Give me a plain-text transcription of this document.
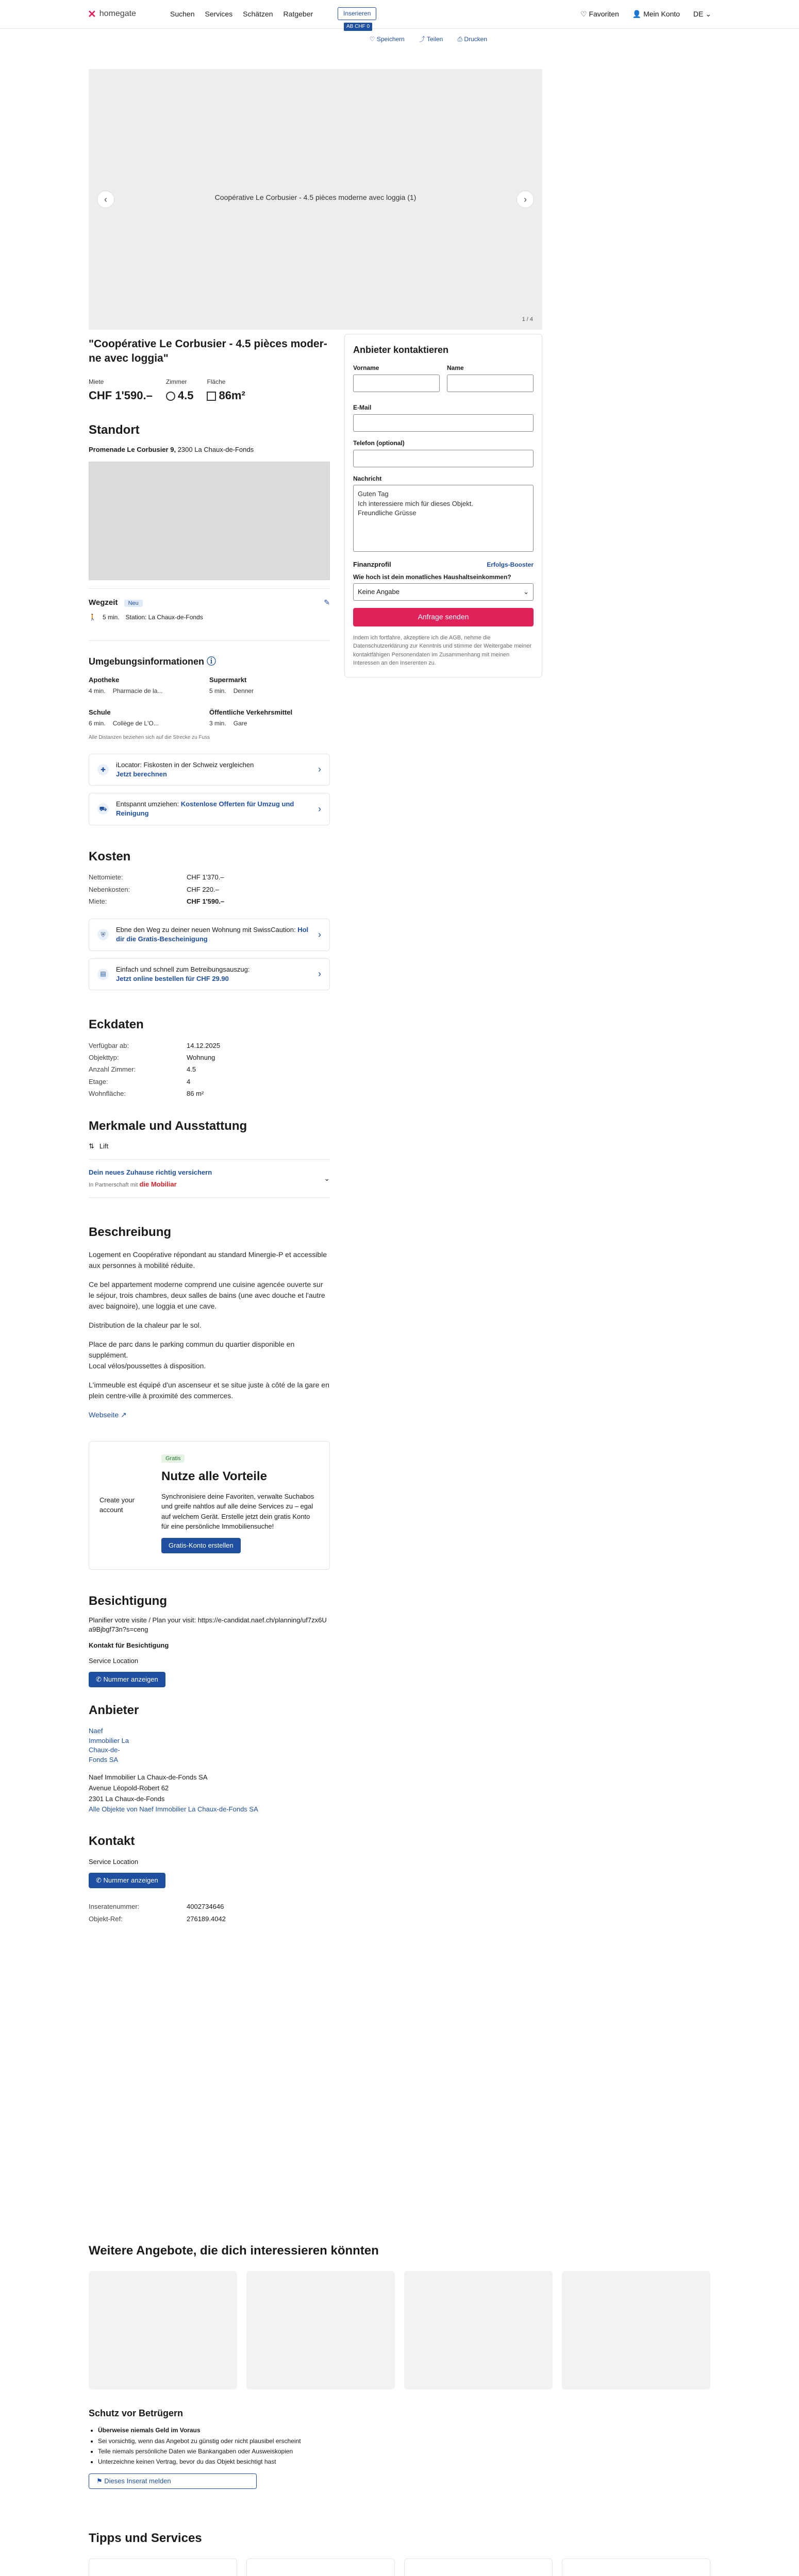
✕ homegate	Suchen Services Schätzen Ratgeber	Inserieren
AB CHF 0
♡ Favoriten 👤 Mein Konto DE ⌄
♡ Speichern ⤴ Teilen ⎙ Drucken
Coopérative Le Corbusier - 4.5 pièces moderne avec loggia (1)
‹	›
1 / 4
Anbieter kontaktieren
Vorname	Name
E-Mail
Telefon (optional)
Nachricht
Guten Tag
Ich interessiere mich für dieses Objekt.
Freundliche Grüsse
Finanzprofil	Erfolgs-Booster
Wie hoch ist dein monatliches Haushaltseinkommen?
Keine Angabe	⌄
Anfrage senden
Indem ich fortfahre, akzeptiere ich die AGB, nehme die Datenschutzerklärung zur Kenntnis und stimme der Weitergabe meiner kontaktfähigen Personendaten im Zusammenhang mit meinen Interessen an den Inserenten zu.
"Coopérative Le Corbusier - 4.5 pièces moder-ne avec loggia"
Miete
CHF 1'590.–
Zimmer
4.5
Fläche
86m²
Standort
Promenade Le Corbusier 9, 2300 La Chaux-de-Fonds
Wegzeit Neu	✎
🚶 5 min. Station: La Chaux-de-Fonds
Umgebungsinformationen ⓘ
Apotheke
4 min. Pharmacie de la...
Supermarkt
5 min. Denner
Schule
6 min. Collège de L'O...
Öffentliche Verkehrsmittel
3 min. Gare
Alle Distanzen beziehen sich auf die Strecke zu Fuss
✚
iLocator: Fiskosten in der Schweiz vergleichen
Jetzt berechnen	›
⛟
Entspannt umziehen: Kostenlose Offerten für Umzug und Reinigung	›
Kosten
Nettomiete:	CHF 1'370.–
Nebenkosten:	CHF 220.–
Miete:	CHF 1'590.–
⛨
Ebne den Weg zu deiner neuen Wohnung mit SwissCaution: Hol dir die Gratis-Bescheinigung	›
▤
Einfach und schnell zum Betreibungsauszug:
Jetzt online bestellen für CHF 29.90	›
Eckdaten
Verfügbar ab:	14.12.2025
Objekttyp:	Wohnung
Anzahl Zimmer:	4.5
Etage:	4
Wohnfläche:	86 m²
Merkmale und Ausstattung
⇅ Lift
Dein neues Zuhause richtig versichern
In Partnerschaft mit die Mobiliar
⌄
Beschreibung

Logement en Coopérative répondant au standard Minergie-P et accessible aux personnes à mobilité réduite.

Ce bel appartement moderne comprend une cuisine agencée ouverte sur le séjour, trois chambres, deux salles de bains (une avec douche et l'autre avec baignoire), une loggia et une cave.

Distribution de la chaleur par le sol.

Place de parc dans le parking commun du quartier disponible en supplément.
Local vélos/poussettes à disposition.

L'immeuble est équipé d'un ascenseur et se situe juste à côté de la gare en plein centre-ville à proximité des commerces.

Webseite ↗

Create your account
Gratis
Nutze alle Vorteile
Synchronisiere deine Favoriten, verwalte Suchabos und greife nahtlos auf alle deine Services zu – egal auf welchem Gerät. Erstelle jetzt dein gratis Konto für eine persönliche Immobiliensuche!
Gratis-Konto erstellen
Besichtigung
Planifier votre visite / Plan your visit: https://e-candidat.naef.ch/planning/uf7zx6Ua9Bjbgf73n?s=ceng
Kontakt für Besichtigung
Service Location
✆ Nummer anzeigen
Anbieter
Naef Immobilier La Chaux-de-Fonds SA
Naef Immobilier La Chaux-de-Fonds SA
Avenue Léopold-Robert 62
2301 La Chaux-de-Fonds
Alle Objekte von Naef Immobilier La Chaux-de-Fonds SA
Kontakt
Service Location
✆ Nummer anzeigen
Inseratenummer:	4002734646
Objekt-Ref:	276189.4042
Weitere Angebote, die dich interessieren könnten
Schutz vor Betrügern
• Überweise niemals Geld im Voraus
• Sei vorsichtig, wenn das Angebot zu günstig oder nicht plausibel erscheint
• Teile niemals persönliche Daten wie Bankangaben oder Ausweiskopien
• Unterzeichne keinen Vertrag, bevor du das Objekt besichtigt hast
⚑ Dieses Inserat melden
Tipps und Services
